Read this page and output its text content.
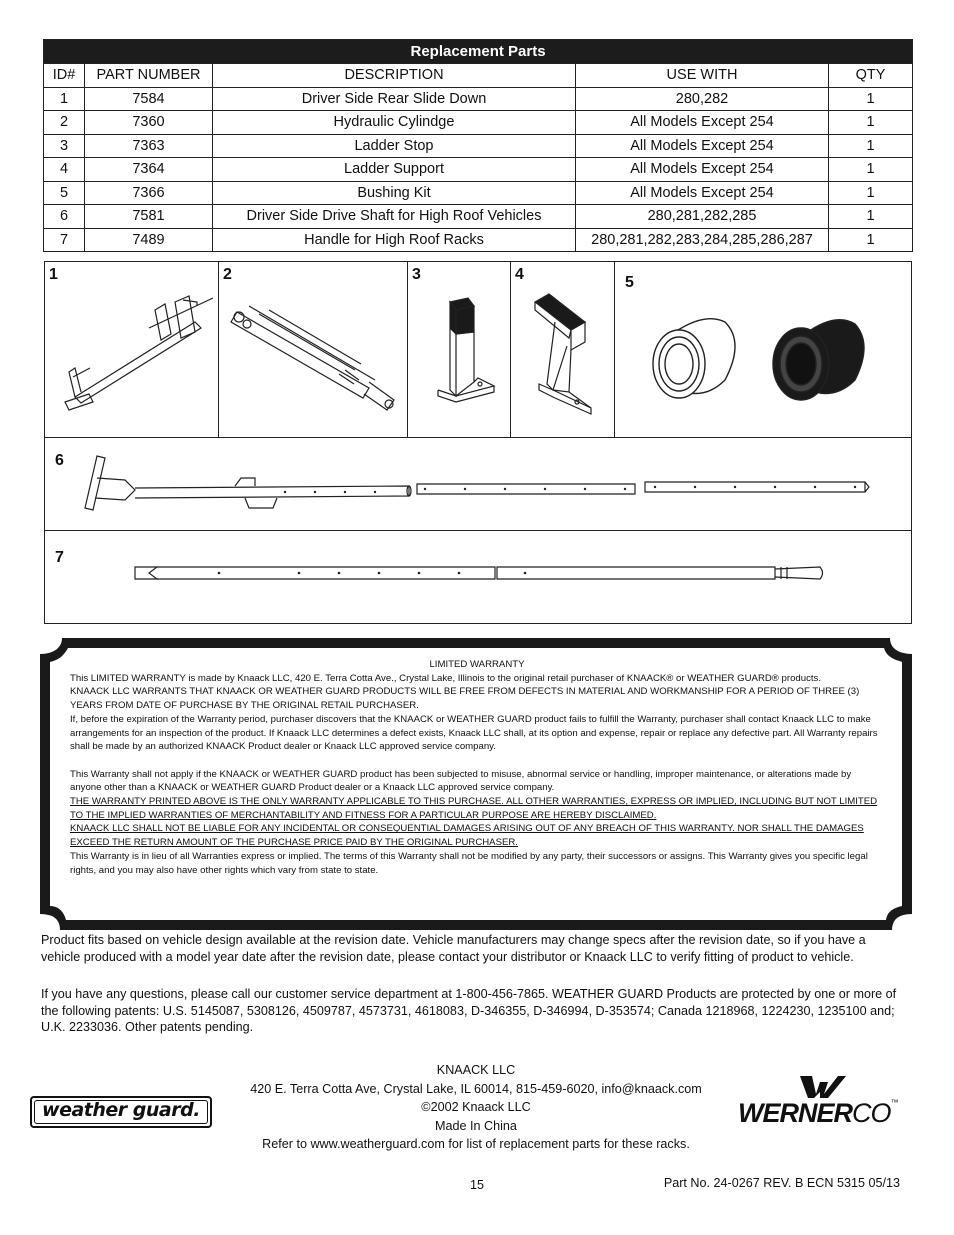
Replacement Parts				
ID#	PART NUMBER	DESCRIPTION	USE WITH	QTY
1	7584	Driver Side Rear Slide Down	280,282	1
2	7360	Hydraulic Cylindge	All Models Except 254	1
3	7363	Ladder Stop	All Models Except 254	1
4	7364	Ladder Support	All Models Except 254	1
5	7366	Bushing Kit	All Models Except 254	1
6	7581	Driver Side Drive Shaft for High Roof Vehicles	280,281,282,285	1
7	7489	Handle for High Roof Racks	280,281,282,283,284,285,286,287	1
1	2	3	4	5
6
7

LIMITED WARRANTY

This LIMITED WARRANTY is made by Knaack LLC, 420 E. Terra Cotta Ave., Crystal Lake, Illinois to the original retail purchaser of KNAACK® or WEATHER GUARD® products.

KNAACK LLC WARRANTS THAT KNAACK OR WEATHER GUARD PRODUCTS WILL BE FREE FROM DEFECTS IN MATERIAL AND WORKMANSHIP FOR A PERIOD OF THREE (3) YEARS FROM DATE OF PURCHASE BY THE ORIGINAL RETAIL PURCHASER.

If, before the expiration of the Warranty period, purchaser discovers that the KNAACK or WEATHER GUARD product fails to fulfill the Warranty, purchaser shall contact Knaack LLC to make arrangements for an inspection of the product. If Knaack LLC determines a defect exists, Knaack LLC shall, at its option and expense, repair or replace any defective part. All Warranty repairs shall be made by an authorized KNAACK Product dealer or Knaack LLC approved service company.

This Warranty shall not apply if the KNAACK or WEATHER GUARD product has been subjected to misuse, abnormal service or handling, improper maintenance, or alterations made by anyone other than a KNAACK or WEATHER GUARD Product dealer or a Knaack LLC approved service company.

THE WARRANTY PRINTED ABOVE IS THE ONLY WARRANTY APPLICABLE TO THIS PURCHASE. ALL OTHER WARRANTIES, EXPRESS OR IMPLIED, INCLUDING BUT NOT LIMITED TO THE IMPLIED WARRANTIES OF MERCHANTABILITY AND FITNESS FOR A PARTICULAR PURPOSE ARE HEREBY DISCLAIMED.

KNAACK LLC SHALL NOT BE LIABLE FOR ANY INCIDENTAL OR CONSEQUENTIAL DAMAGES ARISING OUT OF ANY BREACH OF THIS WARRANTY. NOR SHALL THE DAMAGES EXCEED THE RETURN AMOUNT OF THE PURCHASE PRICE PAID BY THE ORIGINAL PURCHASER.

This Warranty is in lieu of all Warranties express or implied. The terms of this Warranty shall not be modified by any party, their successors or assigns. This Warranty gives you specific legal rights, and you may also have other rights which vary from state to state.

Product fits based on vehicle design available at the revision date. Vehicle manufacturers may change specs after the revision date, so if you have a vehicle produced with a model year date after the revision date, please contact your distributor or Knaack LLC to verify fitting of product to vehicle.
If you have any questions, please call our customer service department at 1-800-456-7865. WEATHER GUARD Products are protected by one or more of the following patents: U.S. 5145087, 5308126, 4509787, 4573731, 4618083, D-346355, D-346994, D-353574; Canada 1218968, 1224230, 1235100 and; U.K. 2233036. Other patents pending.
KNAACK LLC
420 E. Terra Cotta Ave, Crystal Lake, IL 60014, 815-459-6020, info@knaack.com
©2002 Knaack LLC
Made In China
Refer to www.weatherguard.com for list of replacement parts for these racks.
weather guard.	WERNERCO™
15	Part No. 24-0267 REV. B ECN 5315 05/13
